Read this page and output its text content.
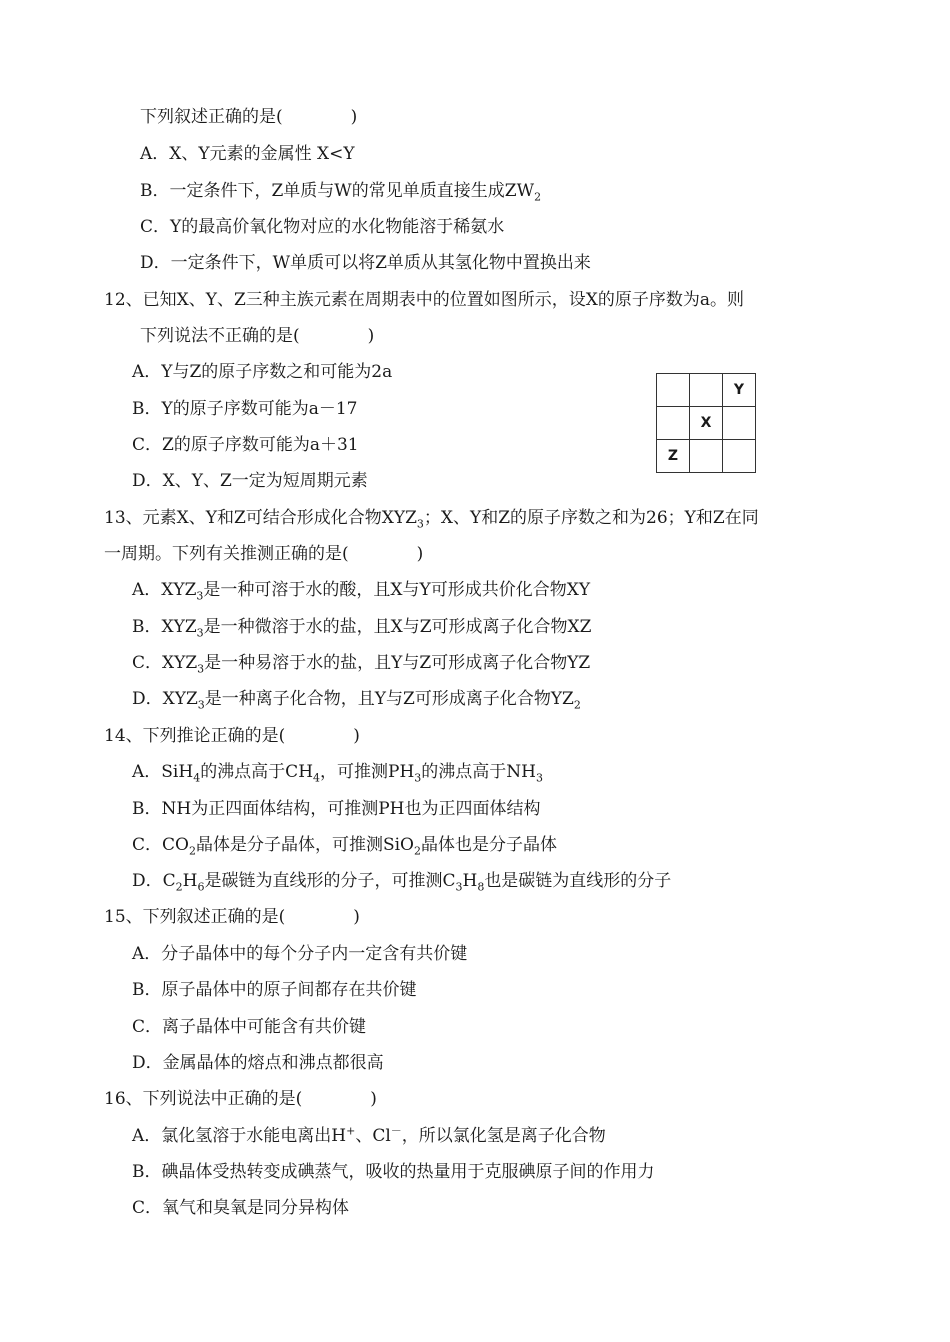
下列叙述正确的是(　　　　)
A．X、Y元素的金属性 X<Y
B．一定条件下，Z单质与W的常见单质直接生成$ZW_2$
C．Y的最高价氧化物对应的水化物能溶于稀氨水
D．一定条件下，W单质可以将Z单质从其氢化物中置换出来
12、已知X、Y、Z三种主族元素在周期表中的位置如图所示，设X的原子序数为a。则
下列说法不正确的是(　　　　)
A．Y与Z的原子序数之和可能为2a
B．Y的原子序数可能为a－17
C．Z的原子序数可能为a＋31
D．X、Y、Z一定为短周期元素
		Y
	X	
Z		
13、元素X、Y和Z可结合形成化合物$XYZ_3$；X、Y和Z的原子序数之和为26；Y和Z在同
一周期。下列有关推测正确的是(　　　　)
A．$XYZ_3$是一种可溶于水的酸，且X与Y可形成共价化合物XY
B．$XYZ_3$是一种微溶于水的盐，且X与Z可形成离子化合物XZ
C．$XYZ_3$是一种易溶于水的盐，且Y与Z可形成离子化合物YZ
D．$XYZ_3$是一种离子化合物，且Y与Z可形成离子化合物$YZ_2$
14、下列推论正确的是(　　　　)
A．SiH$_4$的沸点高于$CH_4$，可推测$PH_3$的沸点高于$NH_3$
B．NH为正四面体结构，可推测PH也为正四面体结构
C．$CO_2$晶体是分子晶体，可推测SiO$_2$晶体也是分子晶体
D．$C_2H_6$是碳链为直线形的分子，可推测$C_3H_8$也是碳链为直线形的分子
15、下列叙述正确的是(　　　　)
A．分子晶体中的每个分子内一定含有共价键
B．原子晶体中的原子间都存在共价键
C．离子晶体中可能含有共价键
D．金属晶体的熔点和沸点都很高
16、下列说法中正确的是(　　　　)
A．氯化氢溶于水能电离出H+、Cl－，所以氯化氢是离子化合物
B．碘晶体受热转变成碘蒸气，吸收的热量用于克服碘原子间的作用力
C．氧气和臭氧是同分异构体
